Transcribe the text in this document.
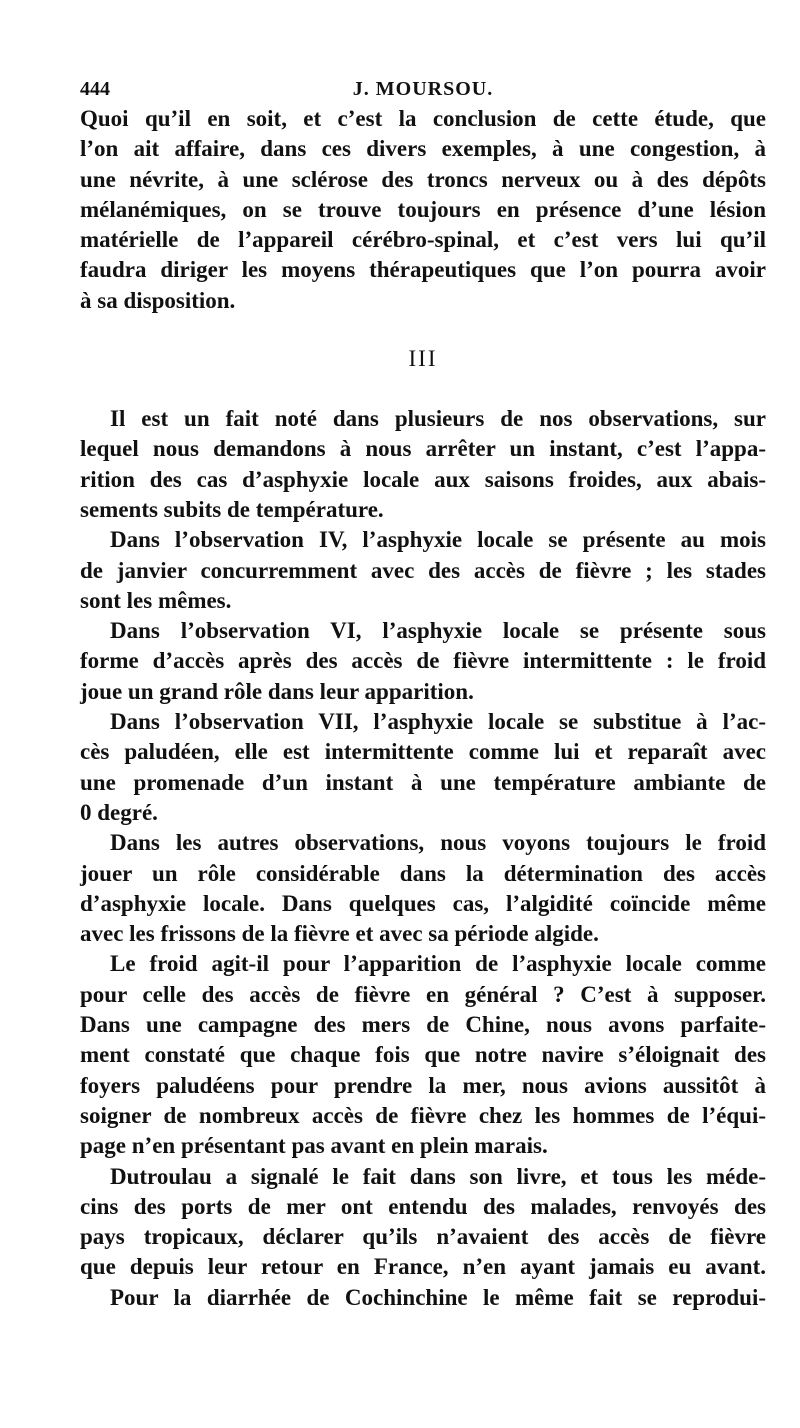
444	J. MOURSOU.

Quoi qu’il en soit, et c’est la conclusion de cette étude, que
l’on ait affaire, dans ces divers exemples, à une congestion, à
une névrite, à une sclérose des troncs nerveux ou à des dépôts
mélanémiques, on se trouve toujours en présence d’une lésion
matérielle de l’appareil cérébro-spinal, et c’est vers lui qu’il
faudra diriger les moyens thérapeutiques que l’on pourra avoir
à sa disposition.

III

Il est un fait noté dans plusieurs de nos observations, sur
lequel nous demandons à nous arrêter un instant, c’est l’appa-
rition des cas d’asphyxie locale aux saisons froides, aux abais-
sements subits de température.

Dans l’observation IV, l’asphyxie locale se présente au mois
de janvier concurremment avec des accès de fièvre ; les stades
sont les mêmes.

Dans l’observation VI, l’asphyxie locale se présente sous
forme d’accès après des accès de fièvre intermittente : le froid
joue un grand rôle dans leur apparition.

Dans l’observation VII, l’asphyxie locale se substitue à l’ac-
cès paludéen, elle est intermittente comme lui et reparaît avec
une promenade d’un instant à une température ambiante de
0 degré.

Dans les autres observations, nous voyons toujours le froid
jouer un rôle considérable dans la détermination des accès
d’asphyxie locale. Dans quelques cas, l’algidité coïncide même
avec les frissons de la fièvre et avec sa période algide.

Le froid agit-il pour l’apparition de l’asphyxie locale comme
pour celle des accès de fièvre en général ? C’est à supposer.
Dans une campagne des mers de Chine, nous avons parfaite-
ment constaté que chaque fois que notre navire s’éloignait des
foyers paludéens pour prendre la mer, nous avions aussitôt à
soigner de nombreux accès de fièvre chez les hommes de l’équi-
page n’en présentant pas avant en plein marais.

Dutroulau a signalé le fait dans son livre, et tous les méde-
cins des ports de mer ont entendu des malades, renvoyés des
pays tropicaux, déclarer qu’ils n’avaient des accès de fièvre
que depuis leur retour en France, n’en ayant jamais eu avant.

Pour la diarrhée de Cochinchine le même fait se reprodui-
